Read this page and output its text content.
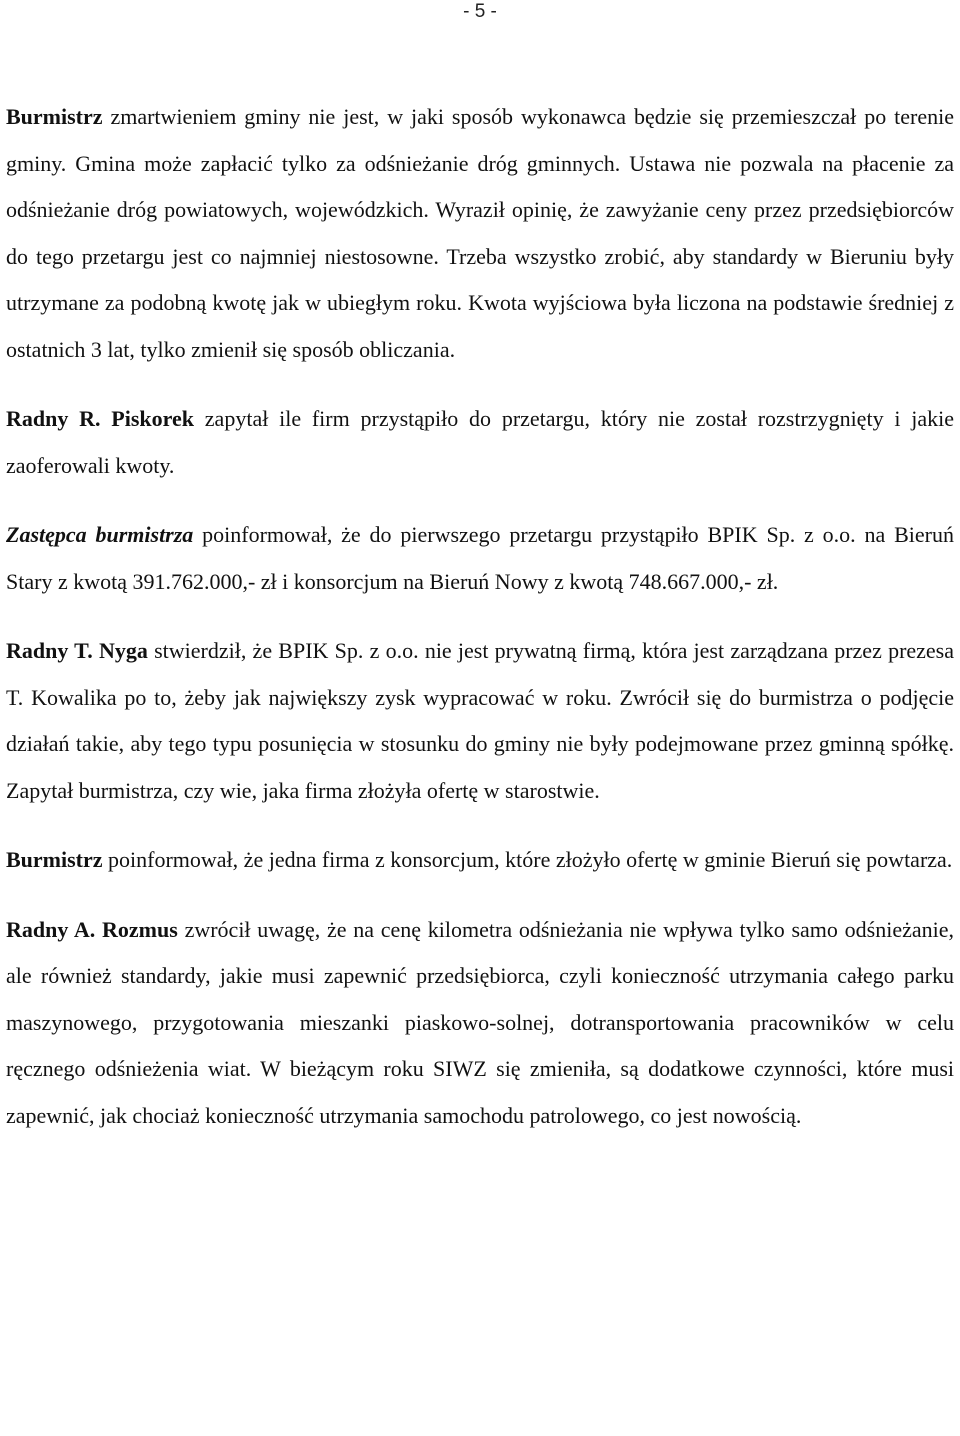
- 5 -

Burmistrz zmartwieniem gminy nie jest, w jaki sposób wykonawca będzie się przemieszczał po terenie gminy. Gmina może zapłacić tylko za odśnieżanie dróg gminnych. Ustawa nie pozwala na płacenie za odśnieżanie dróg powiatowych, wojewódzkich. Wyraził opinię, że zawyżanie ceny przez przedsiębiorców do tego przetargu jest co najmniej niestosowne. Trzeba wszystko zrobić, aby standardy w Bieruniu były utrzymane za podobną kwotę jak w ubiegłym roku. Kwota wyjściowa była liczona na podstawie średniej z ostatnich 3 lat, tylko zmienił się sposób obliczania.

Radny R. Piskorek zapytał ile firm przystąpiło do przetargu, który nie został rozstrzygnięty i jakie zaoferowali kwoty.

Zastępca burmistrza poinformował, że do pierwszego przetargu przystąpiło BPIK Sp. z o.o. na Bieruń Stary z kwotą 391.762.000,- zł i konsorcjum na Bieruń Nowy z kwotą 748.667.000,- zł.

Radny T. Nyga stwierdził, że BPIK Sp. z o.o. nie jest prywatną firmą, która jest zarządzana przez prezesa T. Kowalika po to, żeby jak największy zysk wypracować w roku. Zwrócił się do burmistrza o podjęcie działań takie, aby tego typu posunięcia w stosunku do gminy nie były podejmowane przez gminną spółkę. Zapytał burmistrza, czy wie, jaka firma złożyła ofertę w starostwie.

Burmistrz poinformował, że jedna firma z konsorcjum, które złożyło ofertę w gminie Bieruń się powtarza.

Radny A. Rozmus zwrócił uwagę, że na cenę kilometra odśnieżania nie wpływa tylko samo odśnieżanie, ale również standardy, jakie musi zapewnić przedsiębiorca, czyli konieczność utrzymania całego parku maszynowego, przygotowania mieszanki piaskowo-solnej, dotransportowania pracowników w celu ręcznego odśnieżenia wiat. W bieżącym roku SIWZ się zmieniła, są dodatkowe czynności, które musi zapewnić, jak chociaż konieczność utrzymania samochodu patrolowego, co jest nowością.
